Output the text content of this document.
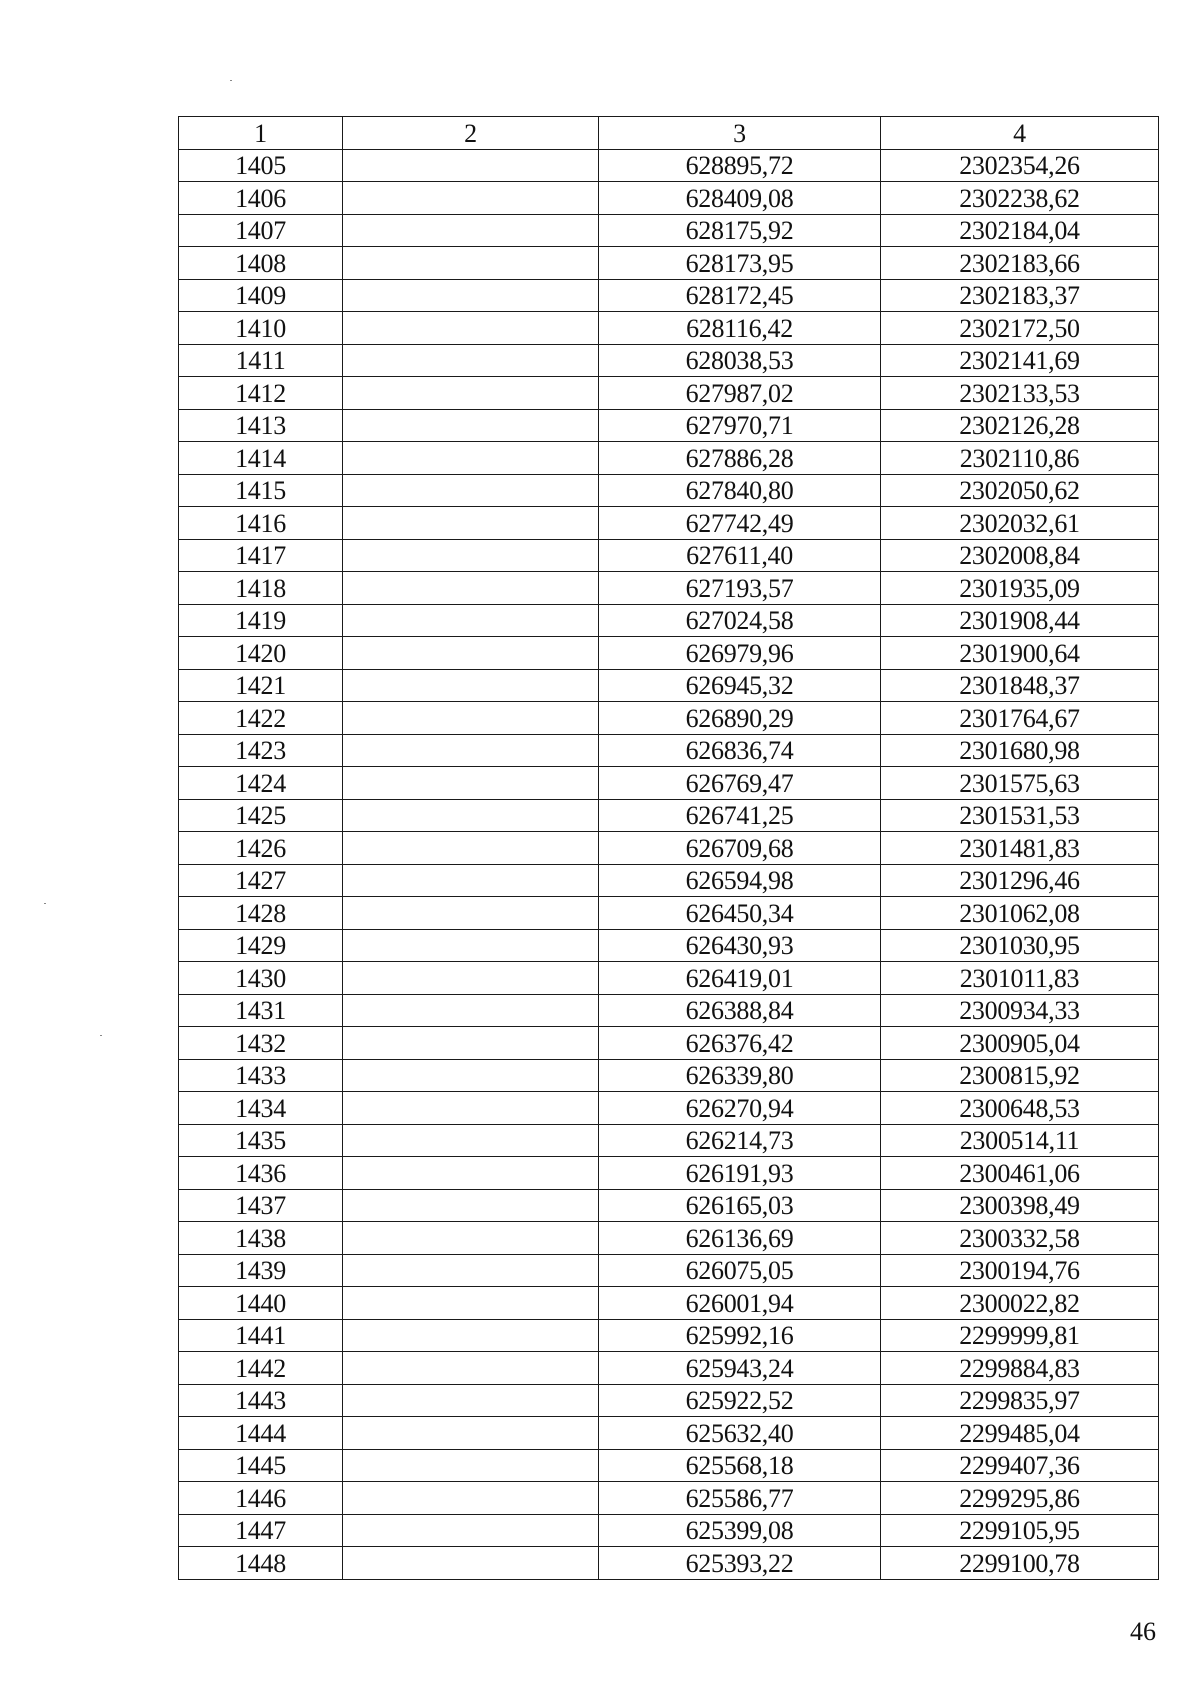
1	2	3	4
1405		628895,72	2302354,26
1406		628409,08	2302238,62
1407		628175,92	2302184,04
1408		628173,95	2302183,66
1409		628172,45	2302183,37
1410		628116,42	2302172,50
1411		628038,53	2302141,69
1412		627987,02	2302133,53
1413		627970,71	2302126,28
1414		627886,28	2302110,86
1415		627840,80	2302050,62
1416		627742,49	2302032,61
1417		627611,40	2302008,84
1418		627193,57	2301935,09
1419		627024,58	2301908,44
1420		626979,96	2301900,64
1421		626945,32	2301848,37
1422		626890,29	2301764,67
1423		626836,74	2301680,98
1424		626769,47	2301575,63
1425		626741,25	2301531,53
1426		626709,68	2301481,83
1427		626594,98	2301296,46
1428		626450,34	2301062,08
1429		626430,93	2301030,95
1430		626419,01	2301011,83
1431		626388,84	2300934,33
1432		626376,42	2300905,04
1433		626339,80	2300815,92
1434		626270,94	2300648,53
1435		626214,73	2300514,11
1436		626191,93	2300461,06
1437		626165,03	2300398,49
1438		626136,69	2300332,58
1439		626075,05	2300194,76
1440		626001,94	2300022,82
1441		625992,16	2299999,81
1442		625943,24	2299884,83
1443		625922,52	2299835,97
1444		625632,40	2299485,04
1445		625568,18	2299407,36
1446		625586,77	2299295,86
1447		625399,08	2299105,95
1448		625393,22	2299100,78
46
